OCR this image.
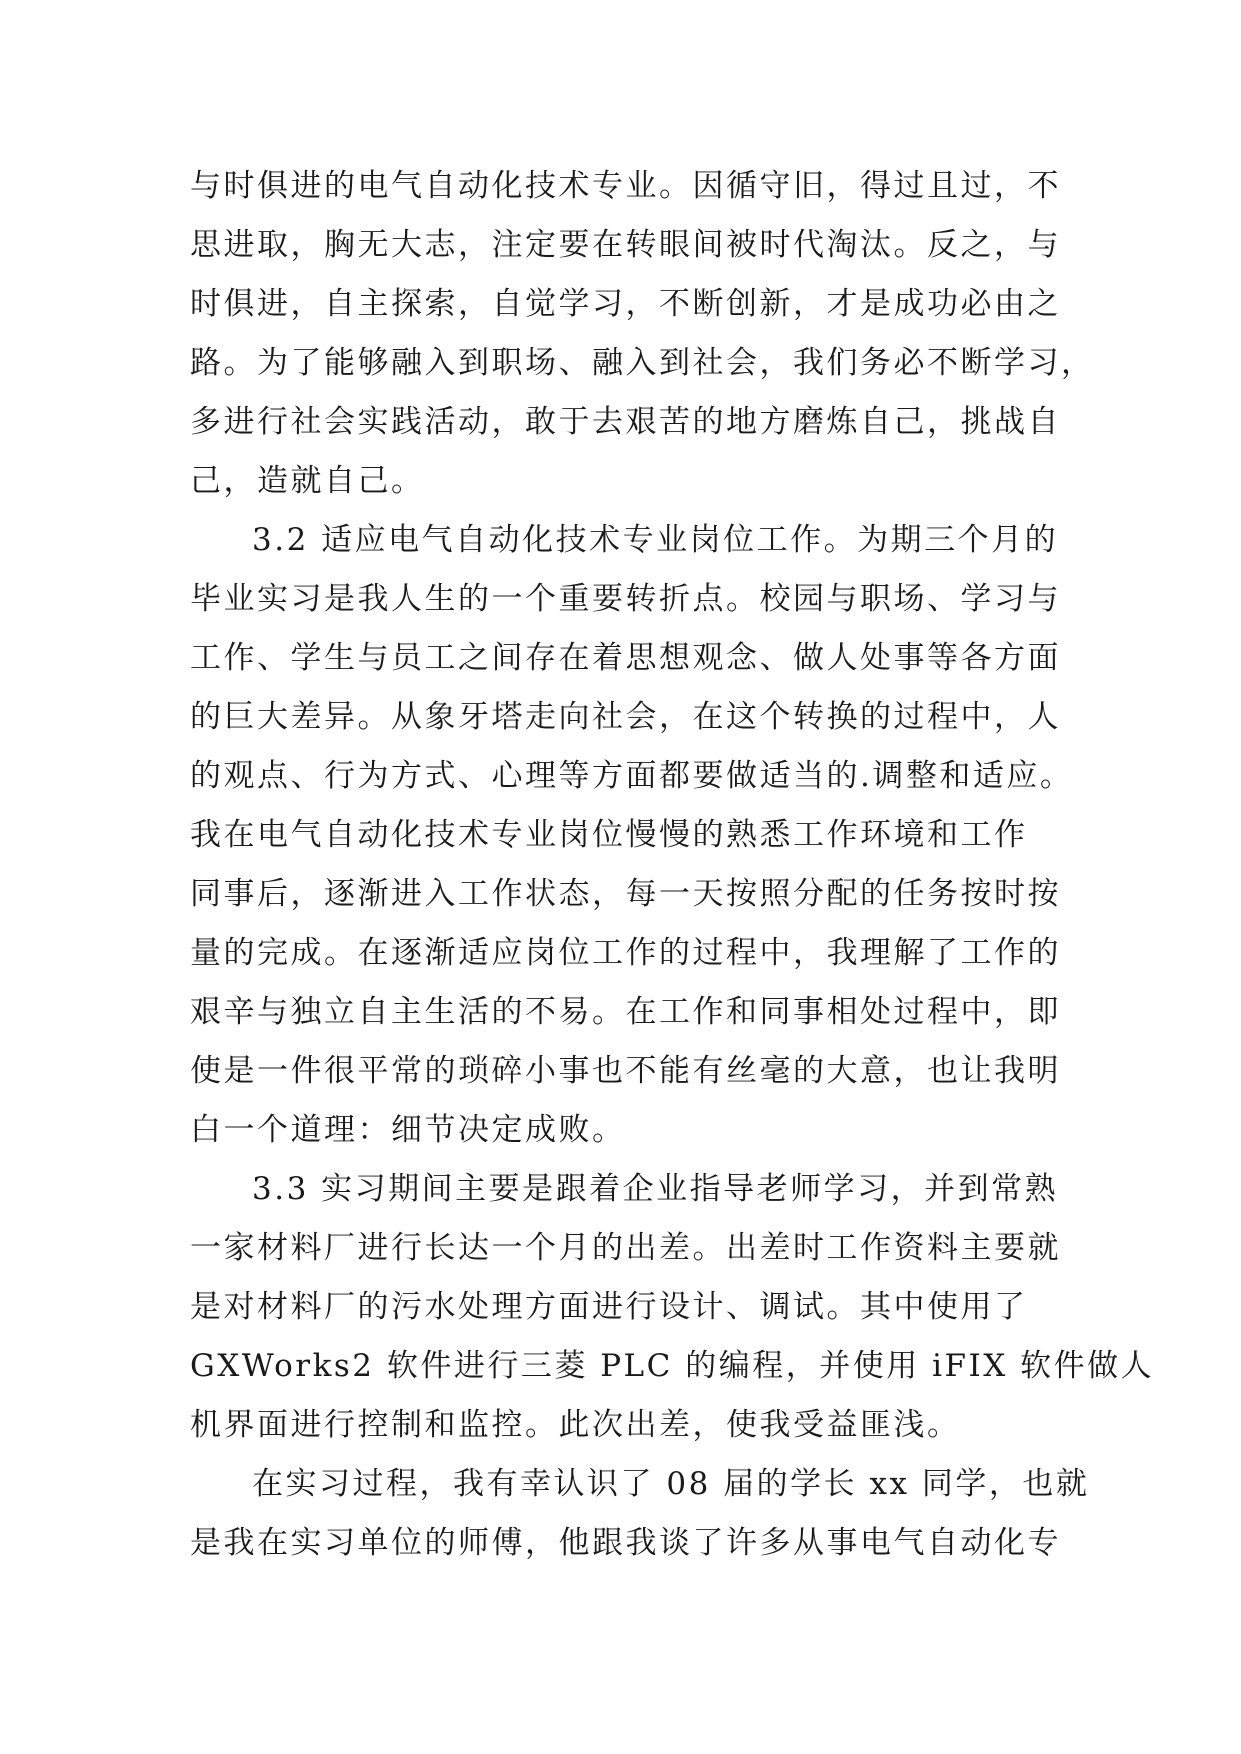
与时俱进的电气自动化技术专业。因循守旧，得过且过，不
思进取，胸无大志，注定要在转眼间被时代淘汰。反之，与
时俱进，自主探索，自觉学习，不断创新，才是成功必由之
路。为了能够融入到职场、融入到社会，我们务必不断学习，
多进行社会实践活动，敢于去艰苦的地方磨炼自己，挑战自
己，造就自己。
3.2 适应电气自动化技术专业岗位工作。为期三个月的
毕业实习是我人生的一个重要转折点。校园与职场、学习与
工作、学生与员工之间存在着思想观念、做人处事等各方面
的巨大差异。从象牙塔走向社会，在这个转换的过程中，人
的观点、行为方式、心理等方面都要做适当的.调整和适应。
我在电气自动化技术专业岗位慢慢的熟悉工作环境和工作
同事后，逐渐进入工作状态，每一天按照分配的任务按时按
量的完成。在逐渐适应岗位工作的过程中，我理解了工作的
艰辛与独立自主生活的不易。在工作和同事相处过程中，即
使是一件很平常的琐碎小事也不能有丝毫的大意，也让我明
白一个道理：细节决定成败。
3.3 实习期间主要是跟着企业指导老师学习，并到常熟
一家材料厂进行长达一个月的出差。出差时工作资料主要就
是对材料厂的污水处理方面进行设计、调试。其中使用了
GXWorks2 软件进行三菱 PLC 的编程，并使用 iFIX 软件做人
机界面进行控制和监控。此次出差，使我受益匪浅。
在实习过程，我有幸认识了 08 届的学长 xx 同学，也就
是我在实习单位的师傅，他跟我谈了许多从事电气自动化专
